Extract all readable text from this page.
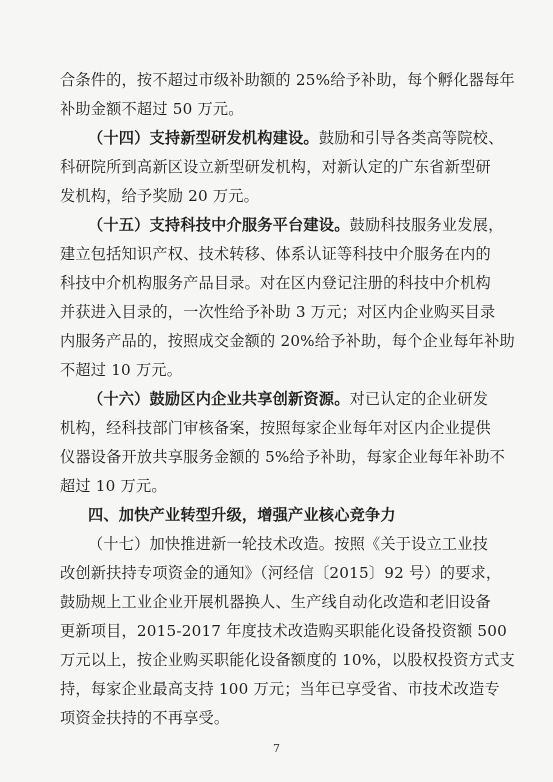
合条件的，按不超过市级补助额的 25%给予补助，每个孵化器每年
补助金额不超过 50 万元。
（十四）支持新型研发机构建设。鼓励和引导各类高等院校、
科研院所到高新区设立新型研发机构，对新认定的广东省新型研
发机构，给予奖励 20 万元。
（十五）支持科技中介服务平台建设。鼓励科技服务业发展，
建立包括知识产权、技术转移、体系认证等科技中介服务在内的
科技中介机构服务产品目录。对在区内登记注册的科技中介机构
并获进入目录的，一次性给予补助 3 万元；对区内企业购买目录
内服务产品的，按照成交金额的 20%给予补助，每个企业每年补助
不超过 10 万元。
（十六）鼓励区内企业共享创新资源。对已认定的企业研发
机构，经科技部门审核备案，按照每家企业每年对区内企业提供
仪器设备开放共享服务金额的 5%给予补助，每家企业每年补助不
超过 10 万元。
四、加快产业转型升级，增强产业核心竞争力
（十七）加快推进新一轮技术改造。按照《关于设立工业技
改创新扶持专项资金的通知》（河经信〔2015〕92 号）的要求，
鼓励规上工业企业开展机器换人、生产线自动化改造和老旧设备
更新项目，2015-2017 年度技术改造购买职能化设备投资额 500
万元以上，按企业购买职能化设备额度的 10%，以股权投资方式支
持，每家企业最高支持 100 万元；当年已享受省、市技术改造专
项资金扶持的不再享受。
7
